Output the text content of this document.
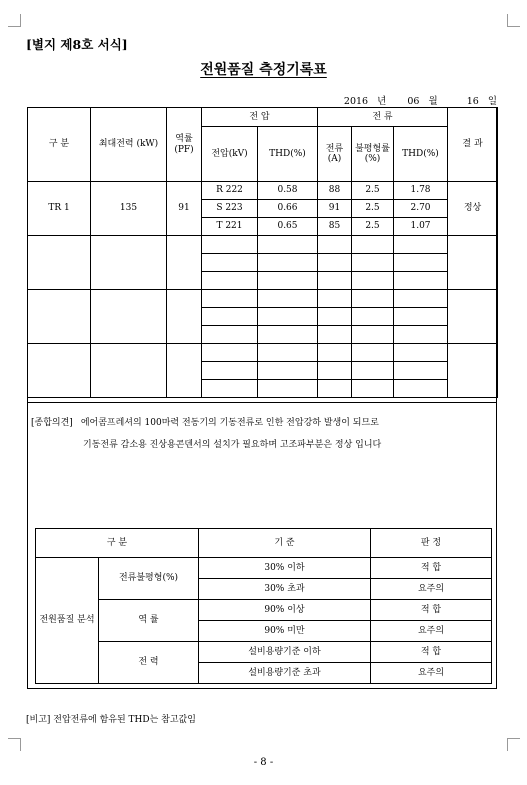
[별지 제8호 서식]
전원품질 측정기록표
2016 년 06 월	16 일
구 분	최대전력 (kW)	역률 (PF)	전 압		전 류			결 과
			전압(kV)	THD(%)	전류 (A)	불평형률(%)	THD(%)	
TR 1	135	91	R 222	0.58	88	2.5	1.78	정상
			S 223	0.66	91	2.5	2.70	
			T 221	0.65	85	2.5	1.07	

[종합의견] 에어콤프레셔의 100마력 전동기의 기동전류로 인한 전압강하 발생이 되므로
기동전류 감소용 진상용콘덴서의 설치가 필요하며 고조파부분은 정상 입니다
구 분		기 준	판 정
전원품질 분석	전류불평형(%)	30% 이하	적 합
		30% 초과	요주의
	역 률	90% 이상	적 합
		90% 미만	요주의
	전 력	설비용량기준 이하	적 합
		설비용량기준 초과	요주의
[비고] 전압전류에 함유된 THD는 참고값임
- 8 -
